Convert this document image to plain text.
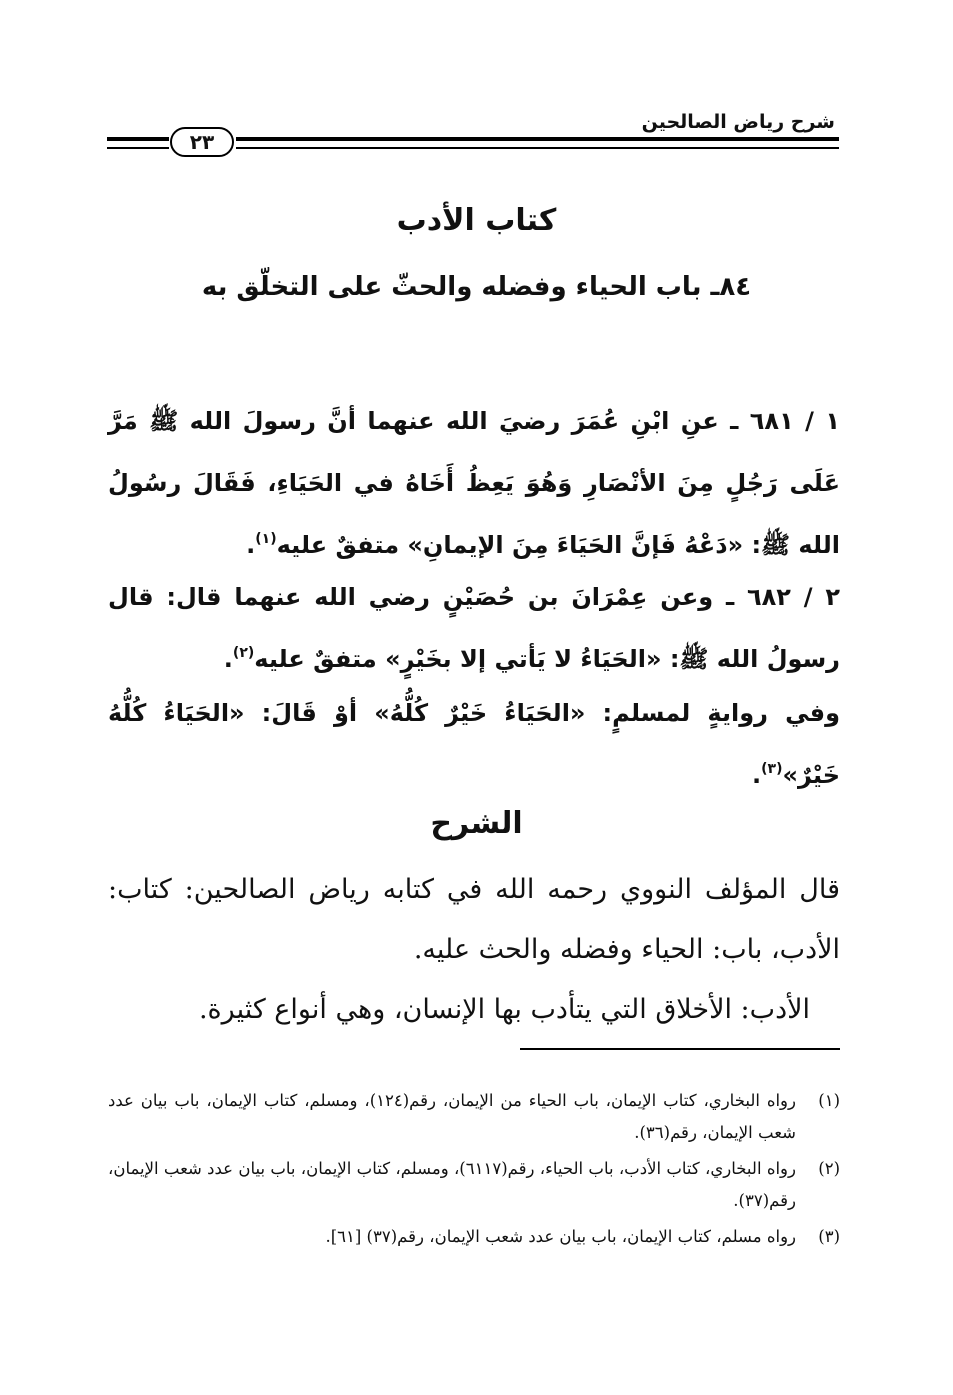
شرح رياض الصالحين
٢٣
كتاب الأدب
٨٤ـ باب الحياء وفضله والحثّ على التخلّق به

١ / ٦٨١ ـ عنِ ابْنِ عُمَرَ رضيَ الله عنهما أنَّ رسولَ الله ﷺ مَرَّ عَلَى رَجُلٍ مِنَ الأنْصَارِ وَهُوَ يَعِظُ أَخَاهُ في الحَيَاءِ، فَقَالَ رسُولُ الله ﷺ: «دَعْهُ فَإنَّ الحَيَاءَ مِنَ الإيمانِ» متفقٌ عليه$^{(١)}$.

٢ / ٦٨٢ ـ وعن عِمْرَانَ بن حُصَيْنٍ رضي الله عنهما قال: قال رسولُ الله ﷺ: «الحَيَاءُ لا يَأتي إلا بخَيْرٍ» متفقٌ عليه$^{(٢)}$.

وفي روايةٍ لمسلمٍ: «الحَيَاءُ خَيْرٌ كُلُّهُ» أوْ قَالَ: «الحَيَاءُ كُلُّهُ خَيْرٌ»$^{(٣)}$.

الشرح

قال المؤلف النووي رحمه الله في كتابه رياض الصالحين: كتاب: الأدب، باب: الحياء وفضله والحث عليه.

الأدب: الأخلاق التي يتأدب بها الإنسان، وهي أنواع كثيرة.

(١)
رواه البخاري، كتاب الإيمان، باب الحياء من الإيمان، رقم(١٢٤)، ومسلم، كتاب الإيمان، باب بيان عدد شعب الإيمان، رقم(٣٦).
(٢)
رواه البخاري، كتاب الأدب، باب الحياء، رقم(٦١١٧)، ومسلم، كتاب الإيمان، باب بيان عدد شعب الإيمان، رقم(٣٧).
(٣)
رواه مسلم، كتاب الإيمان، باب بيان عدد شعب الإيمان، رقم(٣٧) [٦١].
